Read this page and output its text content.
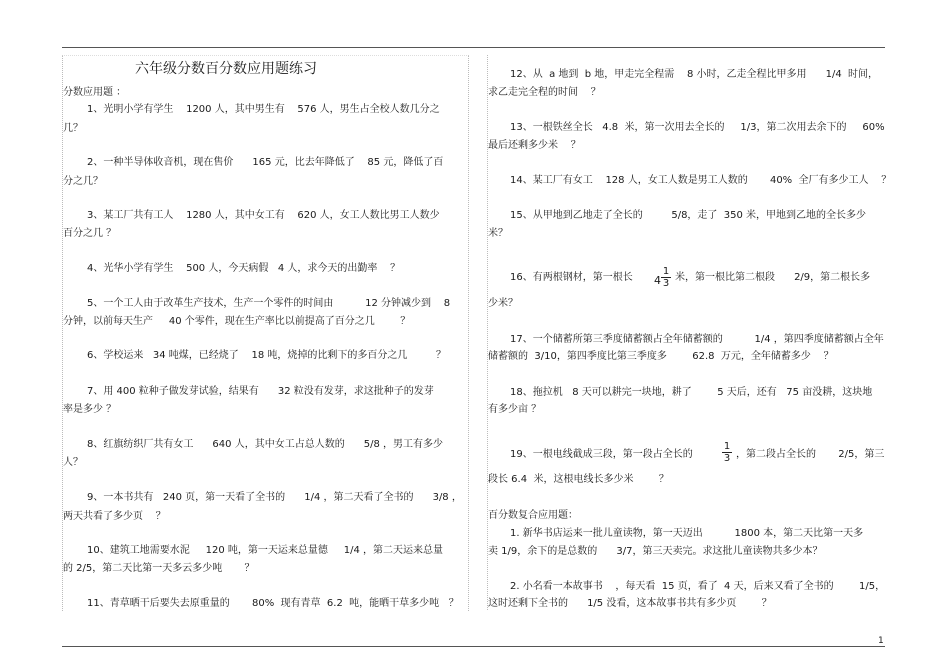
六年级分数百分数应用题练习
分数应用题 ：
1、光明小学有学生    1200 人，其中男生有    576 人，男生占全校人数几分之
几？
2、一种半导体收音机，现在售价      165 元，比去年降低了    85 元，降低了百
分之几？
3、某工厂共有工人    1280 人，其中女工有    620 人，女工人数比男工人数少
百分之几 ？
4、光华小学有学生    500 人，今天病假   4 人，求今天的出勤率    ？
5、一个工人由于改革生产技术，生产一个零件的时间由          12 分钟减少到    8
分钟，以前每天生产     40 个零件，现在生产率比以前提高了百分之几        ？
6、学校运来   34 吨煤，已经烧了    18 吨，烧掉的比剩下的多百分之几         ？
7、用 400 粒种子做发芽试验，结果有      32 粒没有发芽，求这批种子的发芽
率是多少 ？
8、红旗纺织厂共有女工      640 人，其中女工占总人数的      5/8 ，男工有多少
人？
9、一本书共有   240 页，第一天看了全书的      1/4 ，第二天看了全书的      3/8 ，
两天共看了多少页    ？
10、建筑工地需要水泥     120 吨，第一天运来总量德     1/4 ，第二天运来总量
的 2/5，第二天比第一天多云多少吨       ？
11、青草晒干后要失去原重量的       80%  现有青草  6.2  吨，能晒干草多少吨   ？
12、从  a 地到  b 地，甲走完全程需    8 小时，乙走全程比甲多用      1/4  时间，
求乙走完全程的时间    ？
13、一根铁丝全长   4.8  米，第一次用去全长的     1/3，第二次用去余下的     60%
最后还剩多少米    ？
14、某工厂有女工    128 人，女工人数是男工人数的       40%  全厂有多少工人    ？
15、从甲地到乙地走了全长的         5/8，走了  350 米，甲地到乙地的全长多少
米？
16、有两根钢材，第一根长 $4 \frac{1}{3}$ 米，第一根比第二根段      2/9，第二根长多
少米？
17、一个储蓄所第三季度储蓄额占全年储蓄额的          1/4 ，第四季度储蓄额占全年
储蓄额的  3/10，第四季度比第三季度多        62.8  万元，全年储蓄多少    ？
18、拖拉机   8 天可以耕完一块地，耕了        5 天后，还有   75 亩没耕，这块地
有多少亩 ？
19、一根电线截成三段，第一段占全长的	$\frac{1}{3}$ ，第二段占全长的       2/5，第三
段长 6.4  米，这根电线长多少米        ？
百分数复合应用题：
1. 新华书店运来一批儿童读物，第一天迈出          1800 本，第二天比第一天多
卖 1/9，余下的是总数的      3/7，第三天卖完。求这批儿童读物共多少本？
2. 小名看一本故事书    ，每天看  15 页，看了  4 天，后来又看了全书的        1/5，
这时还剩下全书的      1/5 没看，这本故事书共有多少页        ？
1
